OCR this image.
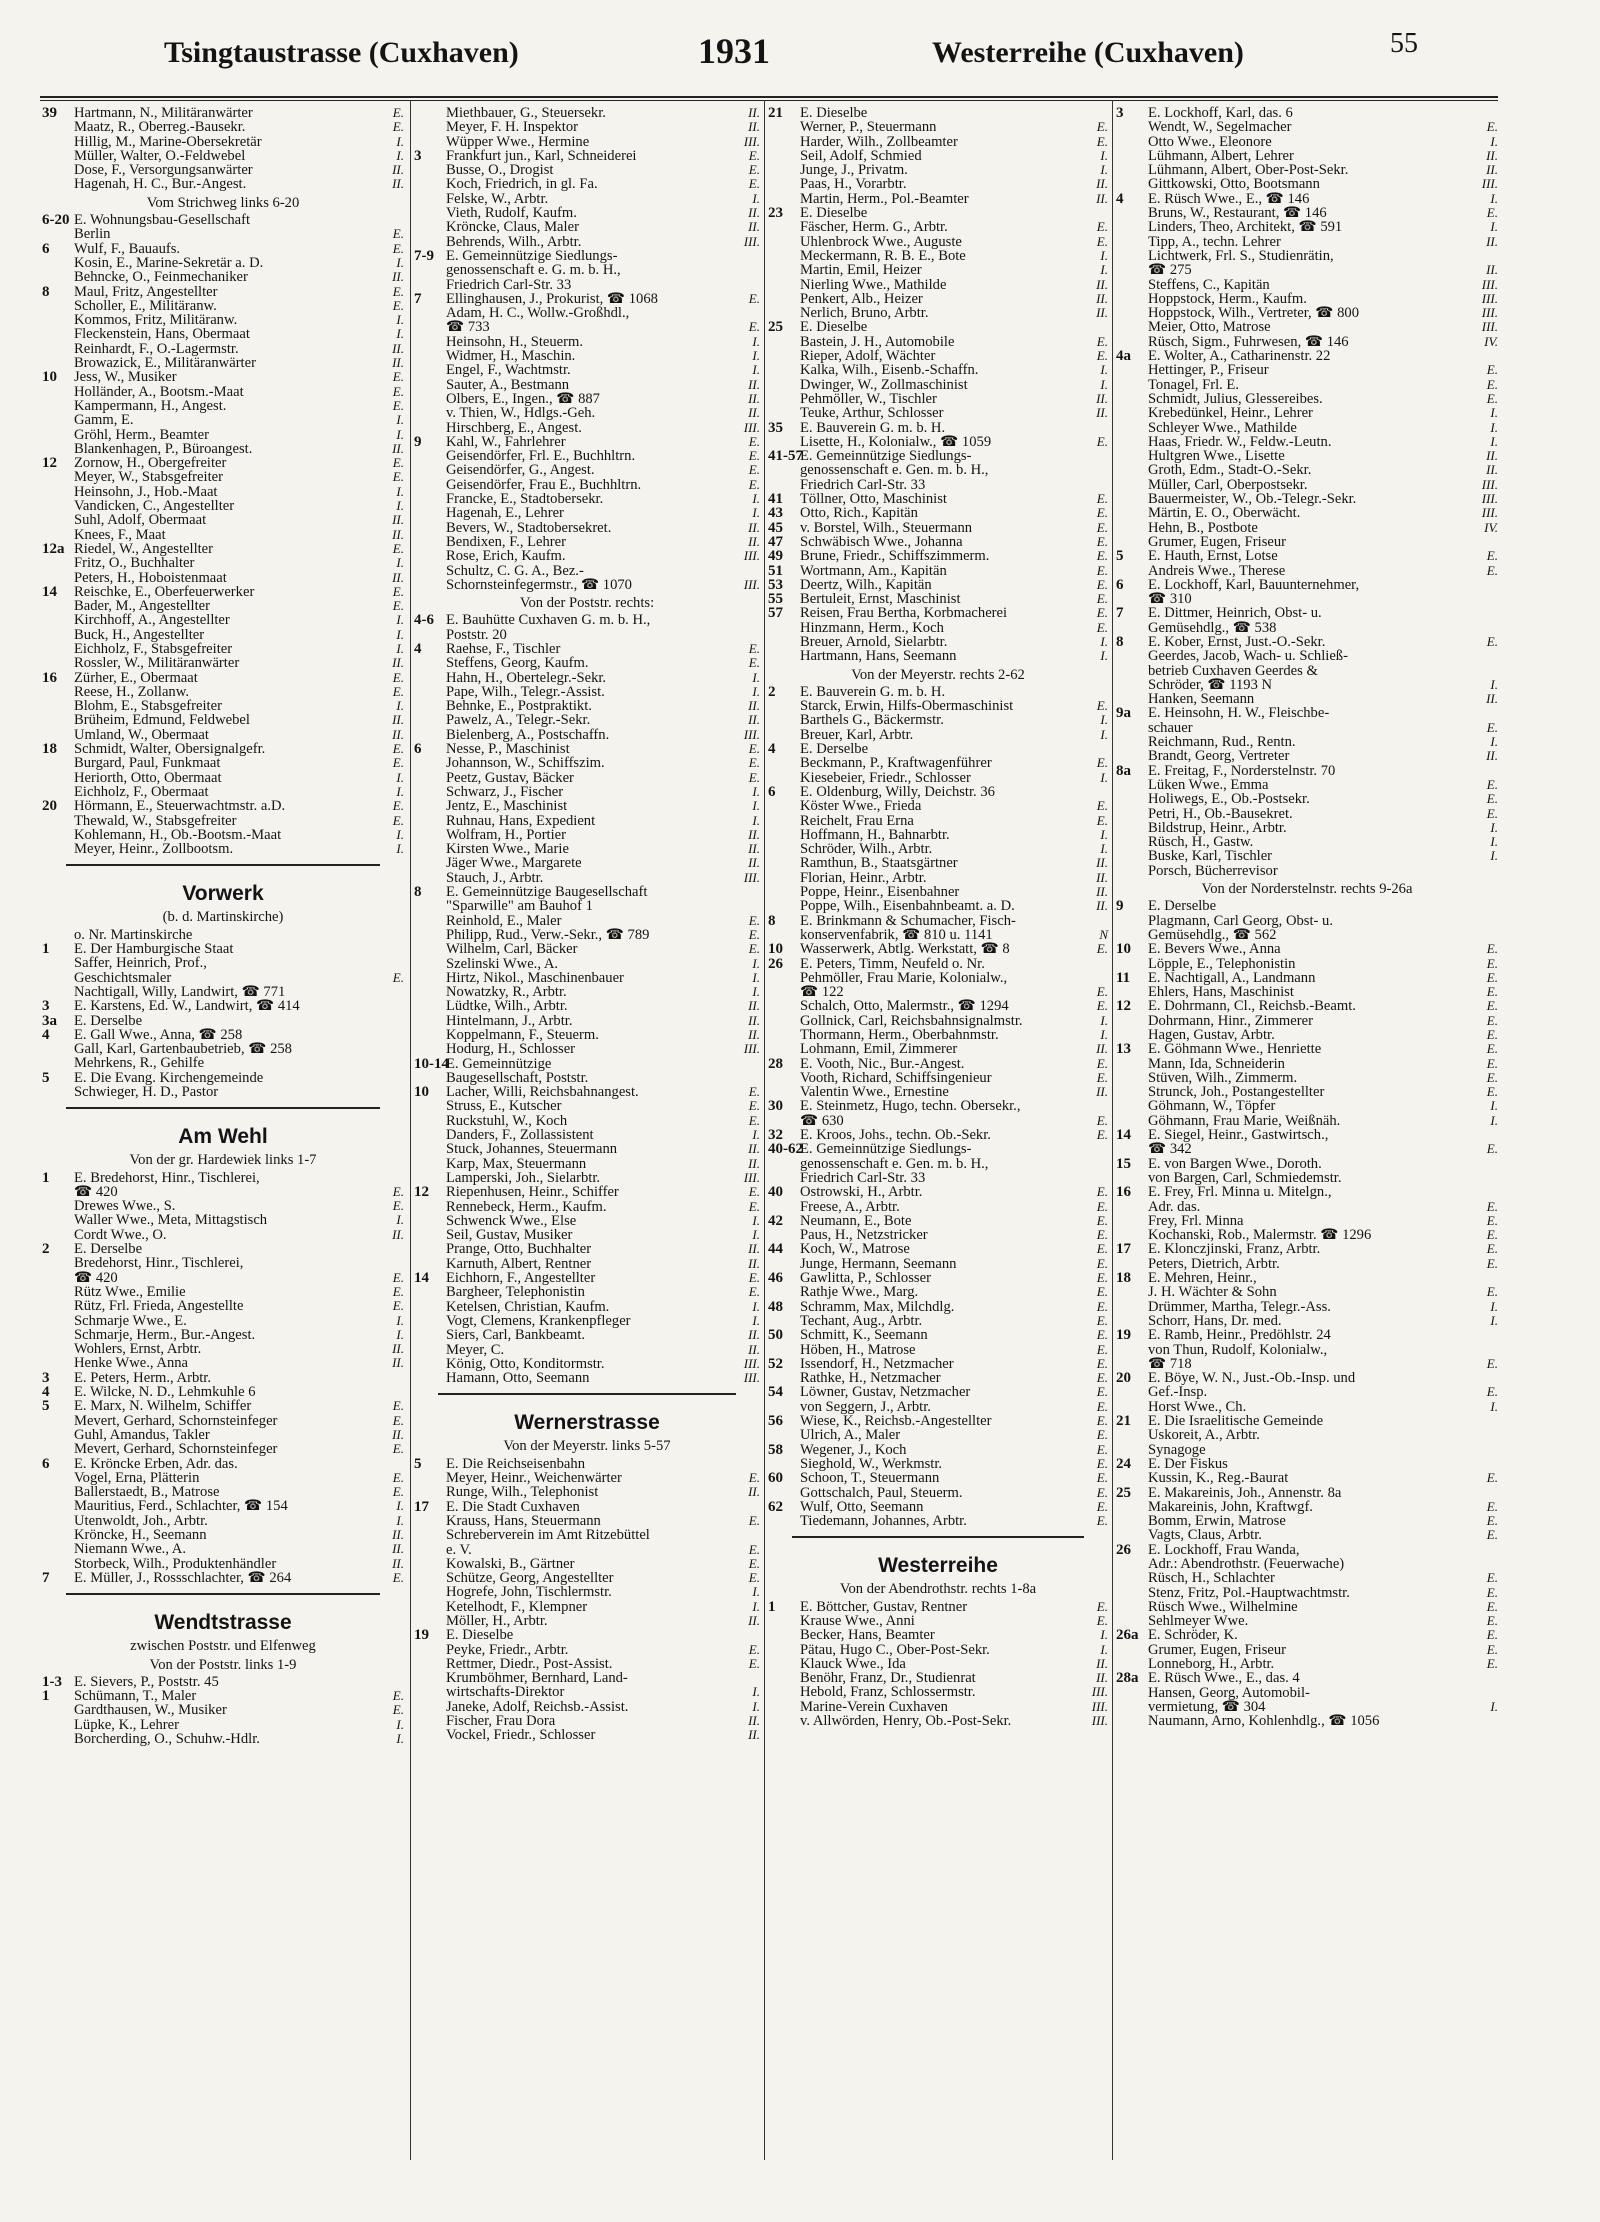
Tsingtaustrasse (Cuxhaven)	1931	Westerreihe (Cuxhaven)	55
39	Hartmann, N., Militäranwärter	E.
Maatz, R., Oberreg.-Bausekr.	E.
Hillig, M., Marine-Obersekretär	I.
Müller, Walter, O.-Feldwebel	I.
Dose, F., Versorgungsanwärter	II.
Hagenah, H. C., Bur.-Angest.	II.
Vom Strichweg links 6-20
6-20 E. Wohnungsbau-Gesellschaft
Berlin	E.
6	Wulf, F., Bauaufs.	E.
Kosin, E., Marine-Sekretär a. D.	I.
Behncke, O., Feinmechaniker	II.
8	Maul, Fritz, Angestellter	E.
Scholler, E., Militäranw.	E.
Kommos, Fritz, Militäranw.	I.
Fleckenstein, Hans, Obermaat	I.
Reinhardt, F., O.-Lagermstr.	II.
Browazick, E., Militäranwärter	II.
10	Jess, W., Musiker	E.
Holländer, A., Bootsm.-Maat	E.
Kampermann, H., Angest.	E.
Gamm, E.	I.
Gröhl, Herm., Beamter	I.
Blankenhagen, P., Büroangest.	II.
12	Zornow, H., Obergefreiter	E.
Meyer, W., Stabsgefreiter	E.
Heinsohn, J., Hob.-Maat	I.
Vandicken, C., Angestellter	I.
Suhl, Adolf, Obermaat	II.
Knees, F., Maat	II.
12a Riedel, W., Angestellter	E.
Fritz, O., Buchhalter	I.
Peters, H., Hoboistenmaat	II.
14	Reischke, E., Oberfeuerwerker	E.
Bader, M., Angestellter	E.
Kirchhoff, A., Angestellter	I.
Buck, H., Angestellter	I.
Eichholz, F., Stabsgefreiter	I.
Rossler, W., Militäranwärter	II.
16	Zürher, E., Obermaat	E.
Reese, H., Zollanw.	E.
Blohm, E., Stabsgefreiter	I.
Brüheim, Edmund, Feldwebel	II.
Umland, W., Obermaat	II.
18	Schmidt, Walter, Obersignalgefr.	E.
Burgard, Paul, Funkmaat	E.
Heriorth, Otto, Obermaat	I.
Eichholz, F., Obermaat	I.
20	Hörmann, E., Steuerwachtmstr. a.D.	E.
Thewald, W., Stabsgefreiter	E.
Kohlemann, H., Ob.-Bootsm.-Maat	I.
Meyer, Heinr., Zollbootsm.	I.
Vorwerk
(b. d. Martinskirche)
o. Nr. Martinskirche
1	E. Der Hamburgische Staat
Saffer, Heinrich, Prof.,
Geschichtsmaler	E.
Nachtigall, Willy, Landwirt, ☎ 771
3	E. Karstens, Ed. W., Landwirt, ☎ 414
3a	E. Derselbe
4	E. Gall Wwe., Anna, ☎ 258
Gall, Karl, Gartenbaubetrieb, ☎ 258
Mehrkens, R., Gehilfe
5	E. Die Evang. Kirchengemeinde
Schwieger, H. D., Pastor
Am Wehl
Von der gr. Hardewiek links 1-7
1	E. Bredehorst, Hinr., Tischlerei,
☎ 420	E.
Drewes Wwe., S.	E.
Waller Wwe., Meta, Mittagstisch	I.
Cordt Wwe., O.	II.
2	E. Derselbe
Bredehorst, Hinr., Tischlerei,
☎ 420	E.
Rütz Wwe., Emilie	E.
Rütz, Frl. Frieda, Angestellte	E.
Schmarje Wwe., E.	I.
Schmarje, Herm., Bur.-Angest.	I.
Wohlers, Ernst, Arbtr.	II.
Henke Wwe., Anna	II.
3	E. Peters, Herm., Arbtr.
4	E. Wilcke, N. D., Lehmkuhle 6
5	E. Marx, N. Wilhelm, Schiffer	E.
Mevert, Gerhard, Schornsteinfeger	E.
Guhl, Amandus, Takler	II.
Mevert, Gerhard, Schornsteinfeger	E.
6	E. Kröncke Erben, Adr. das.
Vogel, Erna, Plätterin	E.
Ballerstaedt, B., Matrose	E.
Mauritius, Ferd., Schlachter, ☎ 154	I.
Utenwoldt, Joh., Arbtr.	I.
Kröncke, H., Seemann	II.
Niemann Wwe., A.	II.
Storbeck, Wilh., Produktenhändler	II.
7	E. Müller, J., Rossschlachter, ☎ 264	E.
Wendtstrasse
zwischen Poststr. und Elfenweg
Von der Poststr. links 1-9
1-3 E. Sievers, P., Poststr. 45
1	Schümann, T., Maler	E.
Gardthausen, W., Musiker	E.
Lüpke, K., Lehrer	I.
Borcherding, O., Schuhw.-Hdlr.	I.
Miethbauer, G., Steuersekr.	II.
Meyer, F. H. Inspektor	II.
Wüpper Wwe., Hermine	III.
3	Frankfurt jun., Karl, Schneiderei	E.
Busse, O., Drogist	E.
Koch, Friedrich, in gl. Fa.	E.
Felske, W., Arbtr.	I.
Vieth, Rudolf, Kaufm.	II.
Kröncke, Claus, Maler	II.
Behrends, Wilh., Arbtr.	III.
7-9 E. Gemeinnützige Siedlungs-
genossenschaft e. G. m. b. H.,
Friedrich Carl-Str. 33
7	Ellinghausen, J., Prokurist, ☎ 1068	E.
Adam, H. C., Wollw.-Großhdl.,
☎ 733	E.
Heinsohn, H., Steuerm.	I.
Widmer, H., Maschin.	I.
Engel, F., Wachtmstr.	I.
Sauter, A., Bestmann	II.
Olbers, E., Ingen., ☎ 887	II.
v. Thien, W., Hdlgs.-Geh.	II.
Hirschberg, E., Angest.	III.
9	Kahl, W., Fahrlehrer	E.
Geisendörfer, Frl. E., Buchhltrn.	E.
Geisendörfer, G., Angest.	E.
Geisendörfer, Frau E., Buchhltrn.	E.
Francke, E., Stadtobersekr.	I.
Hagenah, E., Lehrer	I.
Bevers, W., Stadtobersekret.	II.
Bendixen, F., Lehrer	II.
Rose, Erich, Kaufm.	III.
Schultz, C. G. A., Bez.-
Schornsteinfegermstr., ☎ 1070	III.
Von der Poststr. rechts:
4-6 E. Bauhütte Cuxhaven G. m. b. H.,
Poststr. 20
4	Raehse, F., Tischler	E.
Steffens, Georg, Kaufm.	E.
Hahn, H., Obertelegr.-Sekr.	I.
Pape, Wilh., Telegr.-Assist.	I.
Behnke, E., Postpraktikt.	II.
Pawelz, A., Telegr.-Sekr.	II.
Bielenberg, A., Postschaffn.	III.
6	Nesse, P., Maschinist	E.
Johannson, W., Schiffszim.	E.
Peetz, Gustav, Bäcker	E.
Schwarz, J., Fischer	I.
Jentz, E., Maschinist	I.
Ruhnau, Hans, Expedient	I.
Wolfram, H., Portier	II.
Kirsten Wwe., Marie	II.
Jäger Wwe., Margarete	II.
Stauch, J., Arbtr.	III.
8	E. Gemeinnützige Baugesellschaft
"Sparwille" am Bauhof 1
Reinhold, E., Maler	E.
Philipp, Rud., Verw.-Sekr., ☎ 789	E.
Wilhelm, Carl, Bäcker	E.
Szelinski Wwe., A.	I.
Hirtz, Nikol., Maschinenbauer	I.
Nowatzky, R., Arbtr.	I.
Lüdtke, Wilh., Arbtr.	II.
Hintelmann, J., Arbtr.	II.
Koppelmann, F., Steuerm.	II.
Hodurg, H., Schlosser	III.
10-14
E. Gemeinnützige
Baugesellschaft, Poststr.
10	Lacher, Willi, Reichsbahnangest.	E.
Struss, E., Kutscher	E.
Ruckstuhl, W., Koch	E.
Danders, F., Zollassistent	I.
Stuck, Johannes, Steuermann	II.
Karp, Max, Steuermann	II.
Lamperski, Joh., Sielarbtr.	III.
12	Riepenhusen, Heinr., Schiffer	E.
Rennebeck, Herm., Kaufm.	E.
Schwenck Wwe., Else	I.
Seil, Gustav, Musiker	I.
Prange, Otto, Buchhalter	II.
Karnuth, Albert, Rentner	II.
14	Eichhorn, F., Angestellter	E.
Bargheer, Telephonistin	E.
Ketelsen, Christian, Kaufm.	I.
Vogt, Clemens, Krankenpfleger	I.
Siers, Carl, Bankbeamt.	II.
Meyer, C.	II.
König, Otto, Konditormstr.	III.
Hamann, Otto, Seemann	III.
Wernerstrasse
Von der Meyerstr. links 5-57
5	E. Die Reichseisenbahn
Meyer, Heinr., Weichenwärter	E.
Runge, Wilh., Telephonist	II.
17	E. Die Stadt Cuxhaven
Krauss, Hans, Steuermann	E.
Schreberverein im Amt Ritzebüttel
e. V.	E.
Kowalski, B., Gärtner	E.
Schütze, Georg, Angestellter	E.
Hogrefe, John, Tischlermstr.	I.
Ketelhodt, F., Klempner	I.
Möller, H., Arbtr.	II.
19	E. Dieselbe
Peyke, Friedr., Arbtr.	E.
Rettmer, Diedr., Post-Assist.	E.
Krumböhmer, Bernhard, Land-
wirtschafts-Direktor	I.
Janeke, Adolf, Reichsb.-Assist.	I.
Fischer, Frau Dora	II.
Vockel, Friedr., Schlosser	II.
21	E. Dieselbe
Werner, P., Steuermann	E.
Harder, Wilh., Zollbeamter	E.
Seil, Adolf, Schmied	I.
Junge, J., Privatm.	I.
Paas, H., Vorarbtr.	II.
Martin, Herm., Pol.-Beamter	II.
23	E. Dieselbe
Fäscher, Herm. G., Arbtr.	E.
Uhlenbrock Wwe., Auguste	E.
Meckermann, R. B. E., Bote	I.
Martin, Emil, Heizer	I.
Nierling Wwe., Mathilde	II.
Penkert, Alb., Heizer	II.
Nerlich, Bruno, Arbtr.	II.
25	E. Dieselbe
Bastein, J. H., Automobile	E.
Rieper, Adolf, Wächter	E.
Kalka, Wilh., Eisenb.-Schaffn.	I.
Dwinger, W., Zollmaschinist	I.
Pehmöller, W., Tischler	II.
Teuke, Arthur, Schlosser	II.
35	E. Bauverein G. m. b. H.
Lisette, H., Kolonialw., ☎ 1059	E.
41-57
E. Gemeinnützige Siedlungs-
genossenschaft e. Gen. m. b. H.,
Friedrich Carl-Str. 33
41	Töllner, Otto, Maschinist	E.
43	Otto, Rich., Kapitän	E.
45	v. Borstel, Wilh., Steuermann	E.
47	Schwäbisch Wwe., Johanna	E.
49	Brune, Friedr., Schiffszimmerm.	E.
51	Wortmann, Am., Kapitän	E.
53	Deertz, Wilh., Kapitän	E.
55	Bertuleit, Ernst, Maschinist	E.
57	Reisen, Frau Bertha, Korbmacherei	E.
Hinzmann, Herm., Koch	E.
Breuer, Arnold, Sielarbtr.	I.
Hartmann, Hans, Seemann	I.
Von der Meyerstr. rechts 2-62
2	E. Bauverein G. m. b. H.
Starck, Erwin, Hilfs-Obermaschinist	E.
Barthels G., Bäckermstr.	I.
Breuer, Karl, Arbtr.	I.
4	E. Derselbe
Beckmann, P., Kraftwagenführer	E.
Kiesebeier, Friedr., Schlosser	I.
6	E. Oldenburg, Willy, Deichstr. 36
Köster Wwe., Frieda	E.
Reichelt, Frau Erna	E.
Hoffmann, H., Bahnarbtr.	I.
Schröder, Wilh., Arbtr.	I.
Ramthun, B., Staatsgärtner	II.
Florian, Heinr., Arbtr.	II.
Poppe, Heinr., Eisenbahner	II.
Poppe, Wilh., Eisenbahnbeamt. a. D.	II.
8	E. Brinkmann & Schumacher, Fisch-
konservenfabrik, ☎ 810 u. 1141	N
10	Wasserwerk, Abtlg. Werkstatt, ☎ 8	E.
26	E. Peters, Timm, Neufeld o. Nr.
Pehmöller, Frau Marie, Kolonialw.,
☎ 122	E.
Schalch, Otto, Malermstr., ☎ 1294	E.
Gollnick, Carl, Reichsbahnsignalmstr.	I.
Thormann, Herm., Oberbahnmstr.	I.
Lohmann, Emil, Zimmerer	II.
28	E. Vooth, Nic., Bur.-Angest.	E.
Vooth, Richard, Schiffsingenieur	E.
Valentin Wwe., Ernestine	II.
30	E. Steinmetz, Hugo, techn. Obersekr.,
☎ 630	E.
32	E. Kroos, Johs., techn. Ob.-Sekr.	E.
40-62
E. Gemeinnützige Siedlungs-
genossenschaft e. Gen. m. b. H.,
Friedrich Carl-Str. 33
40	Ostrowski, H., Arbtr.	E.
Freese, A., Arbtr.	E.
42	Neumann, E., Bote	E.
Paus, H., Netzstricker	E.
44	Koch, W., Matrose	E.
Junge, Hermann, Seemann	E.
46	Gawlitta, P., Schlosser	E.
Rathje Wwe., Marg.	E.
48	Schramm, Max, Milchdlg.	E.
Techant, Aug., Arbtr.	E.
50	Schmitt, K., Seemann	E.
Höben, H., Matrose	E.
52	Issendorf, H., Netzmacher	E.
Rathke, H., Netzmacher	E.
54	Löwner, Gustav, Netzmacher	E.
von Seggern, J., Arbtr.	E.
56	Wiese, K., Reichsb.-Angestellter	E.
Ulrich, A., Maler	E.
58	Wegener, J., Koch	E.
Sieghold, W., Werkmstr.	E.
60	Schoon, T., Steuermann	E.
Gottschalch, Paul, Steuerm.	E.
62	Wulf, Otto, Seemann	E.
Tiedemann, Johannes, Arbtr.	E.
Westerreihe
Von der Abendrothstr. rechts 1-8a
1	E. Böttcher, Gustav, Rentner	E.
Krause Wwe., Anni	E.
Becker, Hans, Beamter	I.
Pätau, Hugo C., Ober-Post-Sekr.	I.
Klauck Wwe., Ida	II.
Benöhr, Franz, Dr., Studienrat	II.
Hebold, Franz, Schlossermstr.	III.
Marine-Verein Cuxhaven	III.
v. Allwörden, Henry, Ob.-Post-Sekr.	III.
3	E. Lockhoff, Karl, das. 6
Wendt, W., Segelmacher	E.
Otto Wwe., Eleonore	I.
Lühmann, Albert, Lehrer	II.
Lühmann, Albert, Ober-Post-Sekr.	II.
Gittkowski, Otto, Bootsmann	III.
4	E. Rüsch Wwe., E., ☎ 146	I.
Bruns, W., Restaurant, ☎ 146	E.
Linders, Theo, Architekt, ☎ 591	I.
Tipp, A., techn. Lehrer	II.
Lichtwerk, Frl. S., Studienrätin,
☎ 275	II.
Steffens, C., Kapitän	III.
Hoppstock, Herm., Kaufm.	III.
Hoppstock, Wilh., Vertreter, ☎ 800	III.
Meier, Otto, Matrose	III.
Rüsch, Sigm., Fuhrwesen, ☎ 146	IV.
4a	E. Wolter, A., Catharinenstr. 22
Hettinger, P., Friseur	E.
Tonagel, Frl. E.	E.
Schmidt, Julius, Glessereibes.	E.
Krebedünkel, Heinr., Lehrer	I.
Schleyer Wwe., Mathilde	I.
Haas, Friedr. W., Feldw.-Leutn.	I.
Hultgren Wwe., Lisette	II.
Groth, Edm., Stadt-O.-Sekr.	II.
Müller, Carl, Oberpostsekr.	III.
Bauermeister, W., Ob.-Telegr.-Sekr.	III.
Märtin, E. O., Oberwächt.	III.
Hehn, B., Postbote	IV.
Grumer, Eugen, Friseur
5	E. Hauth, Ernst, Lotse	E.
Andreis Wwe., Therese	E.
6	E. Lockhoff, Karl, Bauunternehmer,
☎ 310
7	E. Dittmer, Heinrich, Obst- u.
Gemüsehdlg., ☎ 538
8	E. Kober, Ernst, Just.-O.-Sekr.	E.
Geerdes, Jacob, Wach- u. Schließ-
betrieb Cuxhaven Geerdes &
Schröder, ☎ 1193 N	I.
Hanken, Seemann	II.
9a	E. Heinsohn, H. W., Fleischbe-
schauer	E.
Reichmann, Rud., Rentn.	I.
Brandt, Georg, Vertreter	II.
8a	E. Freitag, F., Norderstelnstr. 70
Lüken Wwe., Emma	E.
Holiwegs, E., Ob.-Postsekr.	E.
Petri, H., Ob.-Bausekret.	E.
Bildstrup, Heinr., Arbtr.	I.
Rüsch, H., Gastw.	I.
Buske, Karl, Tischler	I.
Porsch, Bücherrevisor
Von der Norderstelnstr. rechts 9-26a
9	E. Derselbe
Plagmann, Carl Georg, Obst- u.
Gemüsehdlg., ☎ 562
10	E. Bevers Wwe., Anna	E.
Löpple, E., Telephonistin	E.
11	E. Nachtigall, A., Landmann	E.
Ehlers, Hans, Maschinist	E.
12	E. Dohrmann, Cl., Reichsb.-Beamt.	E.
Dohrmann, Hinr., Zimmerer	E.
Hagen, Gustav, Arbtr.	E.
13	E. Göhmann Wwe., Henriette	E.
Mann, Ida, Schneiderin	E.
Stüven, Wilh., Zimmerm.	E.
Strunck, Joh., Postangestellter	E.
Göhmann, W., Töpfer	I.
Göhmann, Frau Marie, Weißnäh.	I.
14	E. Siegel, Heinr., Gastwirtsch.,
☎ 342	E.
15	E. von Bargen Wwe., Doroth.
von Bargen, Carl, Schmiedemstr.
16	E. Frey, Frl. Minna u. Mitelgn.,
Adr. das.	E.
Frey, Frl. Minna	E.
Kochanski, Rob., Malermstr. ☎ 1296	E.
17	E. Klonczjinski, Franz, Arbtr.	E.
Peters, Dietrich, Arbtr.	E.
18	E. Mehren, Heinr.,
J. H. Wächter & Sohn	E.
Drümmer, Martha, Telegr.-Ass.	I.
Schorr, Hans, Dr. med.	I.
19	E. Ramb, Heinr., Predöhlstr. 24
von Thun, Rudolf, Kolonialw.,
☎ 718	E.
20	E. Böye, W. N., Just.-Ob.-Insp. und
Gef.-Insp.	E.
Horst Wwe., Ch.	I.
21	E. Die Israelitische Gemeinde
Uskoreit, A., Arbtr.
Synagoge
24	E. Der Fiskus
Kussin, K., Reg.-Baurat	E.
25	E. Makareinis, Joh., Annenstr. 8a
Makareinis, John, Kraftwgf.	E.
Bomm, Erwin, Matrose	E.
Vagts, Claus, Arbtr.	E.
26	E. Lockhoff, Frau Wanda,
Adr.: Abendrothstr. (Feuerwache)
Rüsch, H., Schlachter	E.
Stenz, Fritz, Pol.-Hauptwachtmstr.	E.
Rüsch Wwe., Wilhelmine	E.
Sehlmeyer Wwe.	E.
26a E. Schröder, K.	E.
Grumer, Eugen, Friseur	E.
Lonneborg, H., Arbtr.	E.
28a E. Rüsch Wwe., E., das. 4
Hansen, Georg, Automobil-
vermietung, ☎ 304	I.
Naumann, Arno, Kohlenhdlg., ☎ 1056
